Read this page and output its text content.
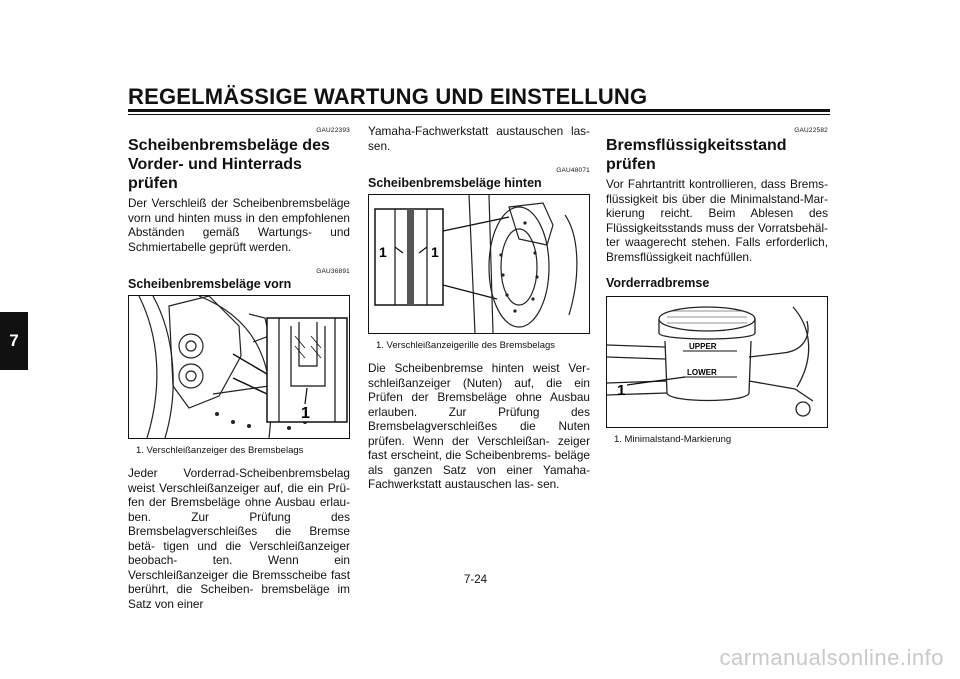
REGELMÄSSIGE WARTUNG UND EINSTELLUNG
7
GAU22393
Scheibenbremsbeläge des Vorder- und Hinterrads prüfen

Der Verschleiß der Scheibenbremsbeläge vorn und hinten muss in den empfohlenen Abständen gemäß Wartungs- und Schmiertabelle geprüft werden.

GAU36891
Scheibenbremsbeläge vorn
1
1. Verschleißanzeiger des Bremsbelags

Jeder Vorderrad-Scheibenbremsbelag weist Verschleißanzeiger auf, die ein Prü- fen der Bremsbeläge ohne Ausbau erlau- ben. Zur Prüfung des Bremsbelagverschleißes die Bremse betä- tigen und die Verschleißanzeiger beobach- ten. Wenn ein Verschleißanzeiger die Bremsscheibe fast berührt, die Scheiben- bremsbeläge im Satz von einer

Yamaha-Fachwerkstatt austauschen las- sen.

GAU48071
Scheibenbremsbeläge hinten
1	1
1. Verschleißanzeigerille des Bremsbelags

Die Scheibenbremse hinten weist Ver- schleißanzeiger (Nuten) auf, die ein Prüfen der Bremsbeläge ohne Ausbau erlauben. Zur Prüfung des Bremsbelagverschleißes die Nuten prüfen. Wenn der Verschleißan- zeiger fast erscheint, die Scheibenbrems- beläge als ganzen Satz von einer Yamaha-Fachwerkstatt austauschen las- sen.

GAU22582
Bremsflüssigkeitsstand prüfen

Vor Fahrtantritt kontrollieren, dass Brems- flüssigkeit bis über die Minimalstand-Mar- kierung reicht. Beim Ablesen des Flüssigkeitsstands muss der Vorratsbehäl- ter waagerecht stehen. Falls erforderlich, Bremsflüssigkeit nachfüllen.

Vorderradbremse
UPPER
LOWER
1
1. Minimalstand-Markierung
7-24
carmanualsonline.info
